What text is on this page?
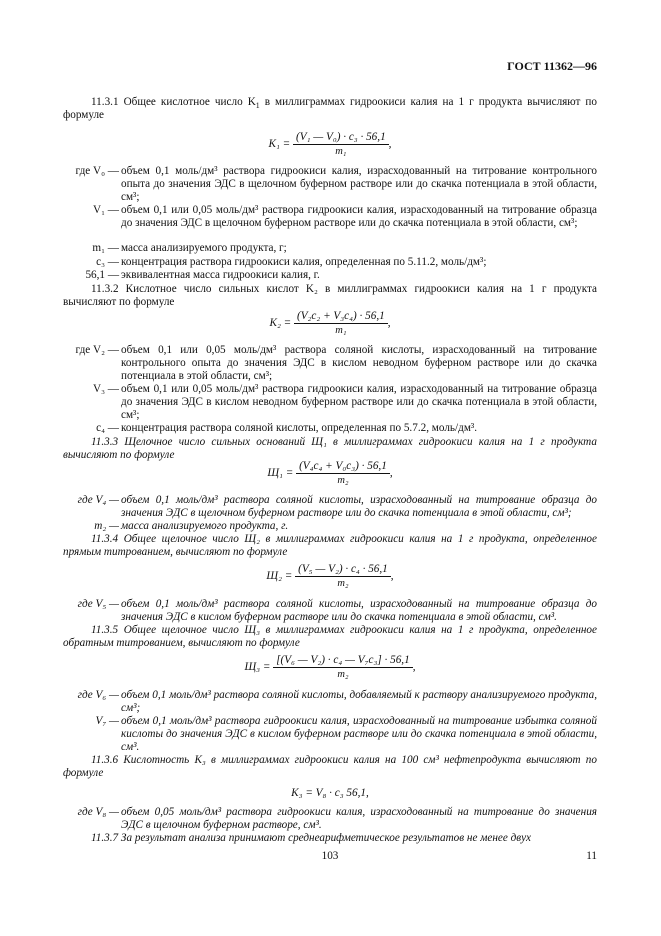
ГОСТ 11362—96
11.3.1 Общее кислотное число $K_1$ в миллиграммах гидроокиси калия на 1 г продукта вычисляют по формуле
$K_1 = \frac{\text{(V₁ — V₀) · c₃ · 56,1}}{\text{m₁}}$ ,
где V₀ — объем 0,1 моль/дм³ раствора гидроокиси калия, израсходованный на титрование контрольного опыта до значения ЭДС в щелочном буферном растворе или до скачка потенциала в этой области, см³;
V₁ — объем 0,1 или 0,05 моль/дм³ раствора гидроокиси калия, израсходованный на титрование образца до значения ЭДС в щелочном буферном растворе или до скачка потенциала в этой области, см³;
m₁ — масса анализируемого продукта, г;
c₃ — концентрация раствора гидроокиси калия, определенная по 5.11.2, моль/дм³;
56,1 — эквивалентная масса гидроокиси калия, г.
11.3.2 Кислотное число сильных кислот K₂ в миллиграммах гидроокиси калия на 1 г продукта вычисляют по формуле
$K_2 = \frac{\text{(V₂c₂ + V₃c₄) · 56,1}}{\text{m₁}}$ ,
где V₂ — объем 0,1 или 0,05 моль/дм³ раствора соляной кислоты, израсходованный на титрование контрольного опыта до значения ЭДС в кислом неводном буферном растворе или до скачка потенциала в этой области, см³;
V₃ — объем 0,1 или 0,05 моль/дм³ раствора гидроокиси калия, израсходованный на титрование образца до значения ЭДС в кислом неводном буферном растворе или до скачка потенциала в этой области, см³;
c₄ — концентрация раствора соляной кислоты, определенная по 5.7.2, моль/дм³.
11.3.3 Щелочное число сильных оснований Щ₁ в миллиграммах гидроокиси калия на 1 г продукта вычисляют по формуле
$Щ_1 = \frac{\text{(V₄c₄ + V₀c₃) · 56,1}}{\text{m₂}}$ ,
где V₄ — объем 0,1 моль/дм³ раствора соляной кислоты, израсходованный на титрование образца до значения ЭДС в щелочном буферном растворе или до скачка потенциала в этой области, см³;
m₂ — масса анализируемого продукта, г.
11.3.4 Общее щелочное число Щ₂ в миллиграммах гидроокиси калия на 1 г продукта, определенное прямым титрованием, вычисляют по формуле
$Щ_2 = \frac{\text{(V₅ — V₂) · c₄ · 56,1}}{\text{m₂}}$ ,
где V₅ — объем 0,1 моль/дм³ раствора соляной кислоты, израсходованный на титрование образца до значения ЭДС в кислом буферном растворе или до скачка потенциала в этой области, см³.
11.3.5 Общее щелочное число Щ₃ в миллиграммах гидроокиси калия на 1 г продукта, определенное обратным титрованием, вычисляют по формуле
$Щ_3 = \frac{\text{[(V₆ — V₂) · c₄ — V₇c₃] · 56,1}}{\text{m₂}}$ ,
где V₆ — объем 0,1 моль/дм³ раствора соляной кислоты, добавляемый к раствору анализируемого продукта, см³;
V₇ — объем 0,1 моль/дм³ раствора гидроокиси калия, израсходованный на титрование избытка соляной кислоты до значения ЭДС в кислом буферном растворе или до скачка потенциала в этой области, см³.
11.3.6 Кислотность K₃ в миллиграммах гидроокиси калия на 100 см³ нефтепродукта вычисляют по формуле
K₃ = V₈ · c₃ 56,1,
где V₈ — объем 0,05 моль/дм³ раствора гидроокиси калия, израсходованный на титрование до значения ЭДС в щелочном буферном растворе, см³.
11.3.7 За результат анализа принимают среднеарифметическое результатов не менее двух
103	11
